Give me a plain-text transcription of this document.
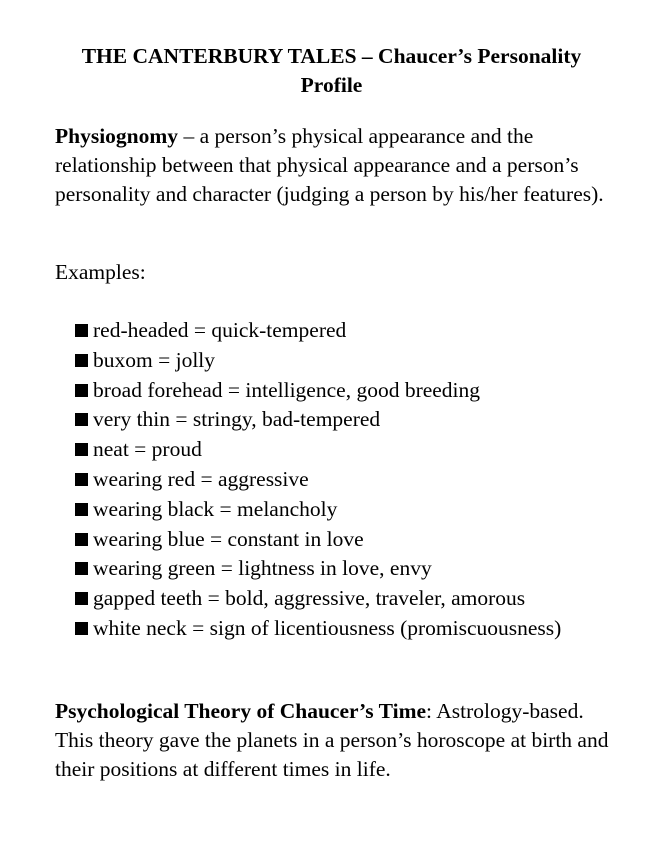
THE CANTERBURY TALES – Chaucer’s Personality
Profile
Physiognomy – a person’s physical appearance and the relationship between that physical appearance and a person’s personality and character (judging a person by his/her features).
Examples:
red-headed = quick-tempered
buxom = jolly
broad forehead = intelligence, good breeding
very thin = stringy, bad-tempered
neat = proud
wearing red = aggressive
wearing black = melancholy
wearing blue = constant in love
wearing green = lightness in love, envy
gapped teeth = bold, aggressive, traveler, amorous
white neck = sign of licentiousness (promiscuousness)
Psychological Theory of Chaucer’s Time: Astrology-based. This theory gave the planets in a person’s horoscope at birth and their positions at different times in life.
